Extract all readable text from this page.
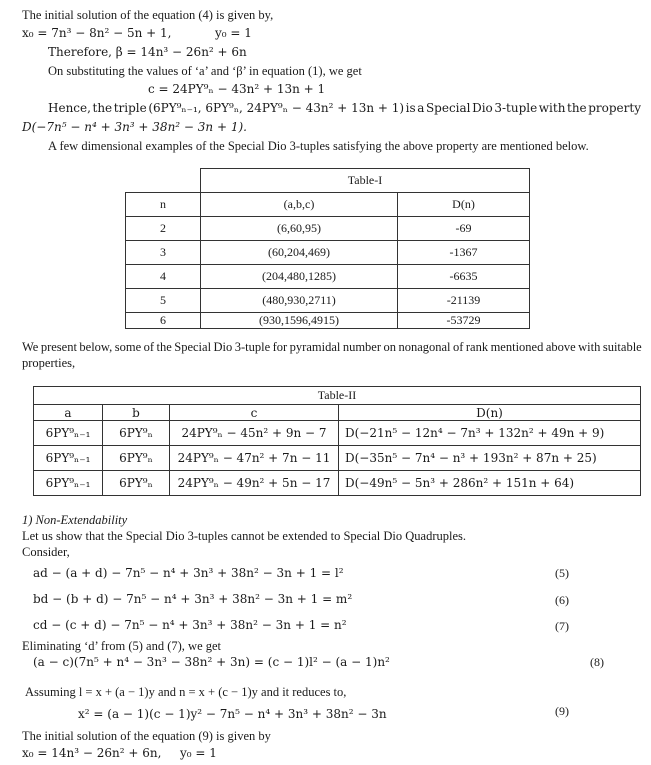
The initial solution of the equation (4) is given by,
x₀ = 7n³ − 8n² − 5n + 1,	y₀ = 1
Therefore, β = 14n³ − 26n² + 6n
On substituting the values of ‘a’ and ‘β’ in equation (1), we get
c = 24PY⁹ₙ − 43n² + 13n + 1
Hence, the triple (6PY⁹ₙ₋₁, 6PY⁹ₙ, 24PY⁹ₙ − 43n² + 13n + 1) is a Special Dio 3-tuple with the property
D(−7n⁵ − n⁴ + 3n³ + 38n² − 3n + 1).
A few dimensional examples of the Special Dio 3-tuples satisfying the above property are mentioned below.
	Table-I	
n	(a,b,c)	D(n)
2	(6,60,95)	-69
3	(60,204,469)	-1367
4	(204,480,1285)	-6635
5	(480,930,2711)	-21139
6	(930,1596,4915)	-53729
We present below, some of the Special Dio 3-tuple for pyramidal number on nonagonal of rank mentioned above with suitable
properties,
Table-II			
a	b	c	D(n)
6PY⁹ₙ₋₁	6PY⁹ₙ	24PY⁹ₙ − 45n² + 9n − 7	D(−21n⁵ − 12n⁴ − 7n³ + 132n² + 49n + 9)
6PY⁹ₙ₋₁	6PY⁹ₙ	24PY⁹ₙ − 47n² + 7n − 11	D(−35n⁵ − 7n⁴ − n³ + 193n² + 87n + 25)
6PY⁹ₙ₋₁	6PY⁹ₙ	24PY⁹ₙ − 49n² + 5n − 17	D(−49n⁵ − 5n³ + 286n² + 151n + 64)
1) Non-Extendability
Let us show that the Special Dio 3-tuples cannot be extended to Special Dio Quadruples.
Consider,
ad − (a + d) − 7n⁵ − n⁴ + 3n³ + 38n² − 3n + 1 = l²	(5)
bd − (b + d) − 7n⁵ − n⁴ + 3n³ + 38n² − 3n + 1 = m²	(6)
cd − (c + d) − 7n⁵ − n⁴ + 3n³ + 38n² − 3n + 1 = n²	(7)
Eliminating ‘d’ from (5) and (7), we get
(a − c)(7n⁵ + n⁴ − 3n³ − 38n² + 3n) = (c − 1)l² − (a − 1)n²	(8)
Assuming l = x + (a − 1)y and n = x + (c − 1)y and it reduces to,
x² = (a − 1)(c − 1)y² − 7n⁵ − n⁴ + 3n³ + 38n² − 3n	(9)
The initial solution of the equation (9) is given by
x₀ = 14n³ − 26n² + 6n, y₀ = 1
